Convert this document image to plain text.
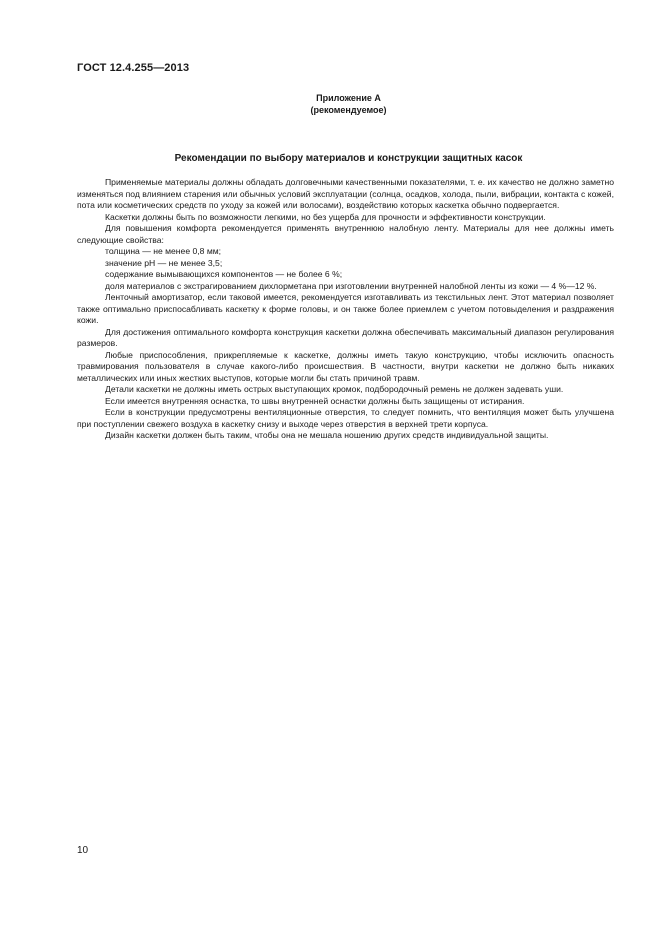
ГОСТ 12.4.255—2013
Приложение А
(рекомендуемое)
Рекомендации по выбору материалов и конструкции защитных касок

Применяемые материалы должны обладать долговечными качественными показателями, т. е. их качество не должно заметно изменяться под влиянием старения или обычных условий эксплуатации (солнца, осадков, холода, пыли, вибрации, контакта с кожей, пота или косметических средств по уходу за кожей или волосами), воздействию которых каскетка обычно подвергается.

Каскетки должны быть по возможности легкими, но без ущерба для прочности и эффективности конструкции.

Для повышения комфорта рекомендуется применять внутреннюю налобную ленту. Материалы для нее должны иметь следующие свойства:

толщина — не менее 0,8 мм;

значение pH — не менее 3,5;

содержание вымывающихся компонентов — не более 6 %;

доля материалов с экстрагированием дихлорметана при изготовлении внутренней налобной ленты из кожи — 4 %—12 %.

Ленточный амортизатор, если таковой имеется, рекомендуется изготавливать из текстильных лент. Этот материал позволяет также оптимально приспосабливать каскетку к форме головы, и он также более приемлем с учетом потовыделения и раздражения кожи.

Для достижения оптимального комфорта конструкция каскетки должна обеспечивать максимальный диапазон регулирования размеров.

Любые приспособления, прикрепляемые к каскетке, должны иметь такую конструкцию, чтобы исключить опасность травмирования пользователя в случае какого-либо происшествия. В частности, внутри каскетки не должно быть никаких металлических или иных жестких выступов, которые могли бы стать причиной травм.

Детали каскетки не должны иметь острых выступающих кромок, подбородочный ремень не должен задевать уши.

Если имеется внутренняя оснастка, то швы внутренней оснастки должны быть защищены от истирания.

Если в конструкции предусмотрены вентиляционные отверстия, то следует помнить, что вентиляция может быть улучшена при поступлении свежего воздуха в каскетку снизу и выходе через отверстия в верхней трети корпуса.

Дизайн каскетки должен быть таким, чтобы она не мешала ношению других средств индивидуальной защиты.

10
